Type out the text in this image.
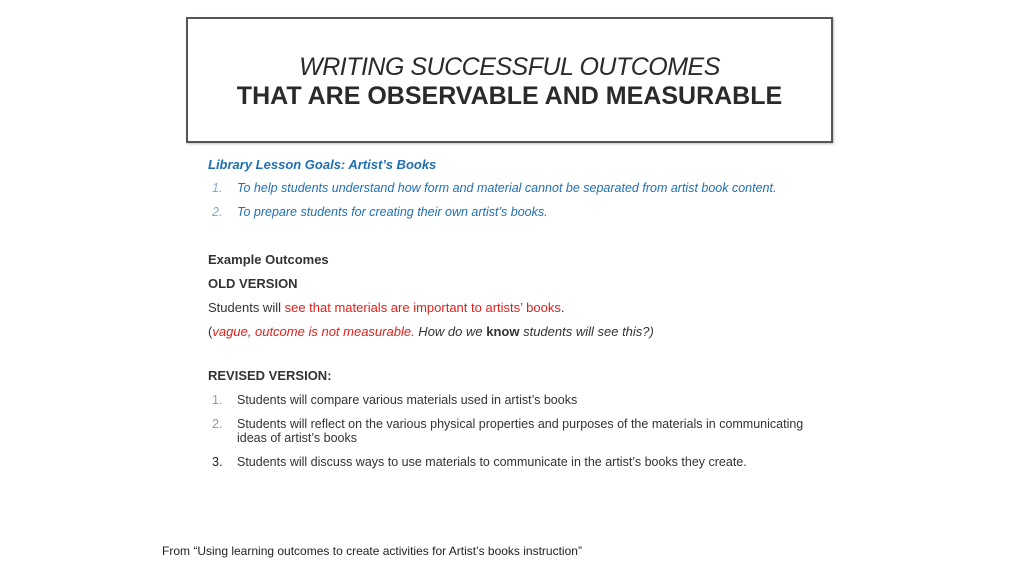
WRITING SUCCESSFUL OUTCOMES
THAT ARE OBSERVABLE AND MEASURABLE
Library Lesson Goals: Artist’s Books
1. To help students understand how form and material cannot be separated from artist book content.
2. To prepare students for creating their own artist’s books.
Example Outcomes
OLD VERSION
Students will see that materials are important to artists’ books.
(vague, outcome is not measurable. How do we know students will see this?)
REVISED VERSION:
1. Students will compare various materials used in artist’s books
2. Students will reflect on the various physical properties and purposes of the materials in communicating ideas of artist’s books
3. Students will discuss ways to use materials to communicate in the artist’s books they create.
From “Using learning outcomes to create activities for Artist’s books instruction”
